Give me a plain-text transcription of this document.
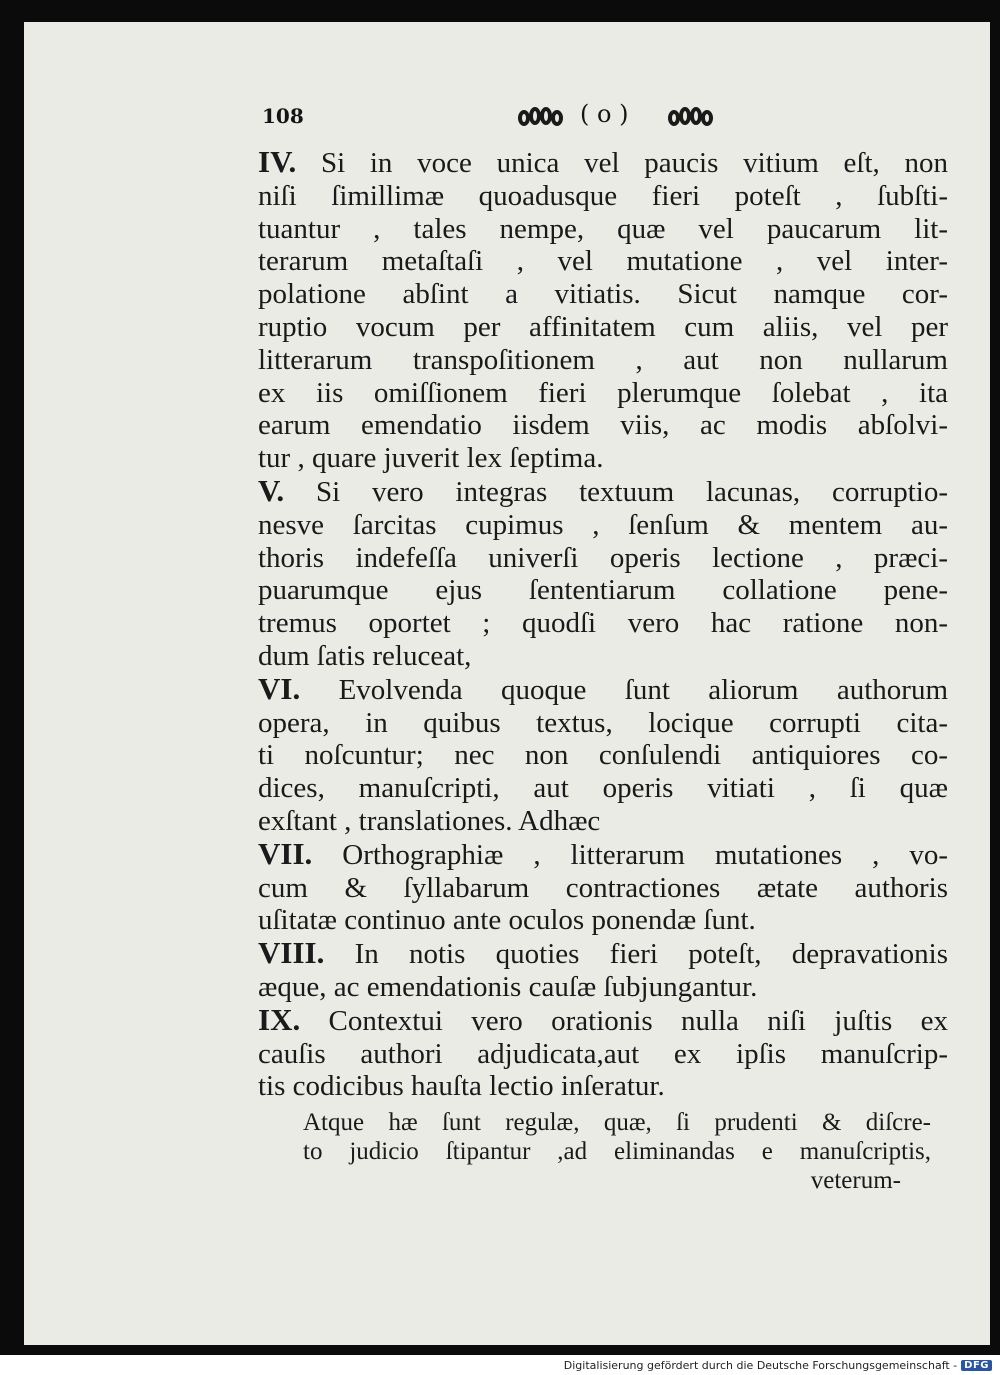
108	( o )
IV. Si in voce unica vel paucis vitium eſt, non
niſi ſimillimæ quoadusque fieri poteſt , ſubſti-
tuantur , tales nempe, quæ vel paucarum lit-
terarum metaſtaſi , vel mutatione , vel inter-
polatione abſint a vitiatis. Sicut namque cor-
ruptio vocum per affinitatem cum aliis, vel per
litterarum transpoſitionem , aut non nullarum
ex iis omiſſionem fieri plerumque ſolebat , ita
earum emendatio iisdem viis, ac modis abſolvi-
tur , quare juverit lex ſeptima.
V. Si vero integras textuum lacunas, corruptio-
nesve ſarcitas cupimus , ſenſum & mentem au-
thoris indefeſſa univerſi operis lectione , præci-
puarumque ejus ſententiarum collatione pene-
tremus oportet ; quodſi vero hac ratione non-
dum ſatis reluceat,
VI. Evolvenda quoque ſunt aliorum authorum
opera, in quibus textus, locique corrupti cita-
ti noſcuntur; nec non conſulendi antiquiores co-
dices, manuſcripti, aut operis vitiati , ſi quæ
exſtant , translationes. Adhæc
VII. Orthographiæ , litterarum mutationes , vo-
cum & ſyllabarum contractiones ætate authoris
uſitatæ continuo ante oculos ponendæ ſunt.
VIII. In notis quoties fieri poteſt, depravationis
æque, ac emendationis cauſæ ſubjungantur.
IX. Contextui vero orationis nulla niſi juſtis ex
cauſis authori adjudicata,aut ex ipſis manuſcrip-
tis codicibus hauſta lectio inſeratur.
Atque hæ ſunt regulæ, quæ, ſi prudenti & diſcre-
to judicio ſtipantur ,ad eliminandas e manuſcriptis,
veterum-
Digitalisierung gefördert durch die Deutsche Forschungsgemeinschaft - DFG
